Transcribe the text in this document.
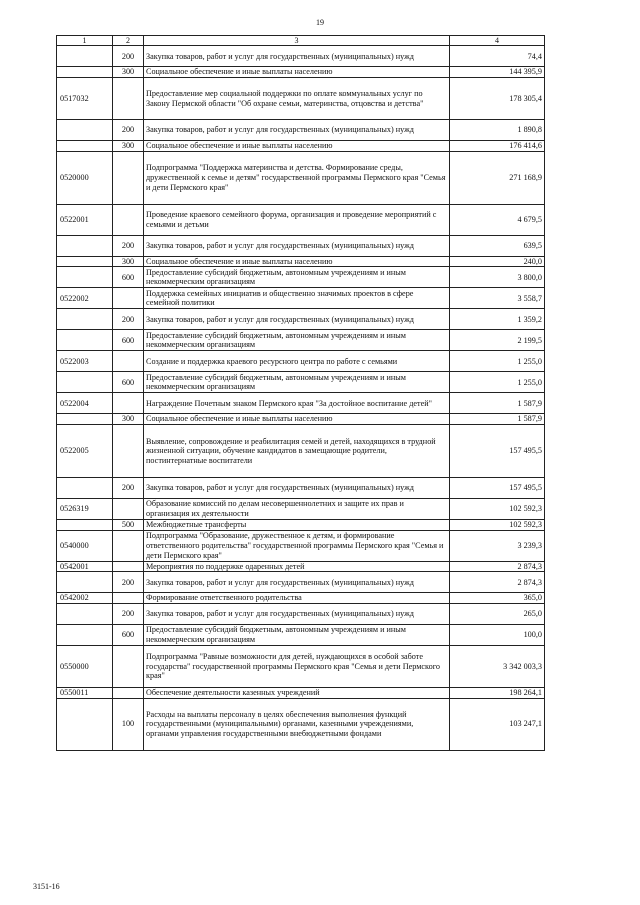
19
1	2	3	4
	200	Закупка товаров, работ и услуг для государственных (муниципальных) нужд	74,4
	300	Социальное обеспечение и иные выплаты населению	144 395,9
0517032		Предоставление мер социальной поддержки по оплате коммунальных услуг по Закону Пермской области "Об охране семьи, материнства, отцовства и детства"	178 305,4
	200	Закупка товаров, работ и услуг для государственных (муниципальных) нужд	1 890,8
	300	Социальное обеспечение и иные выплаты населению	176 414,6
0520000		Подпрограмма "Поддержка материнства и детства. Формирование среды, дружественной к семье и детям" государственной программы Пермского края "Семья и дети Пермского края"	271 168,9
0522001		Проведение краевого семейного форума, организация и проведение мероприятий с семьями и детьми	4 679,5
	200	Закупка товаров, работ и услуг для государственных (муниципальных) нужд	639,5
	300	Социальное обеспечение и иные выплаты населению	240,0
	600	Предоставление субсидий бюджетным, автономным учреждениям и иным некоммерческим организациям	3 800,0
0522002		Поддержка семейных инициатив и общественно значимых проектов в сфере семейной политики	3 558,7
	200	Закупка товаров, работ и услуг для государственных (муниципальных) нужд	1 359,2
	600	Предоставление субсидий бюджетным, автономным учреждениям и иным некоммерческим организациям	2 199,5
0522003		Создание и поддержка краевого ресурсного центра по работе с семьями	1 255,0
	600	Предоставление субсидий бюджетным, автономным учреждениям и иным некоммерческим организациям	1 255,0
0522004		Награждение Почетным знаком Пермского края "За достойное воспитание детей"	1 587,9
	300	Социальное обеспечение и иные выплаты населению	1 587,9
0522005		Выявление, сопровождение и реабилитация семей и детей, находящихся в трудной жизненной ситуации, обучение кандидатов в замещающие родители, постинтернатные воспитатели	157 495,5
	200	Закупка товаров, работ и услуг для государственных (муниципальных) нужд	157 495,5
0526319		Образование комиссий по делам несовершеннолетних и защите их прав и организация их деятельности	102 592,3
	500	Межбюджетные трансферты	102 592,3
0540000		Подпрограмма "Образование, дружественное к детям, и формирование ответственного родительства" государственной программы Пермского края "Семья и дети Пермского края"	3 239,3
0542001		Мероприятия по поддержке одаренных детей	2 874,3
	200	Закупка товаров, работ и услуг для государственных (муниципальных) нужд	2 874,3
0542002		Формирование ответственного родительства	365,0
	200	Закупка товаров, работ и услуг для государственных (муниципальных) нужд	265,0
	600	Предоставление субсидий бюджетным, автономным учреждениям и иным некоммерческим организациям	100,0
0550000		Подпрограмма "Равные возможности для детей, нуждающихся в особой заботе государства" государственной программы Пермского края "Семья и дети Пермского края"	3 342 003,3
0550011		Обеспечение деятельности казенных учреждений	198 264,1
	100	Расходы на выплаты персоналу в целях обеспечения выполнения функций государственными (муниципальными) органами, казенными учреждениями, органами управления государственными внебюджетными фондами	103 247,1
3151-16
